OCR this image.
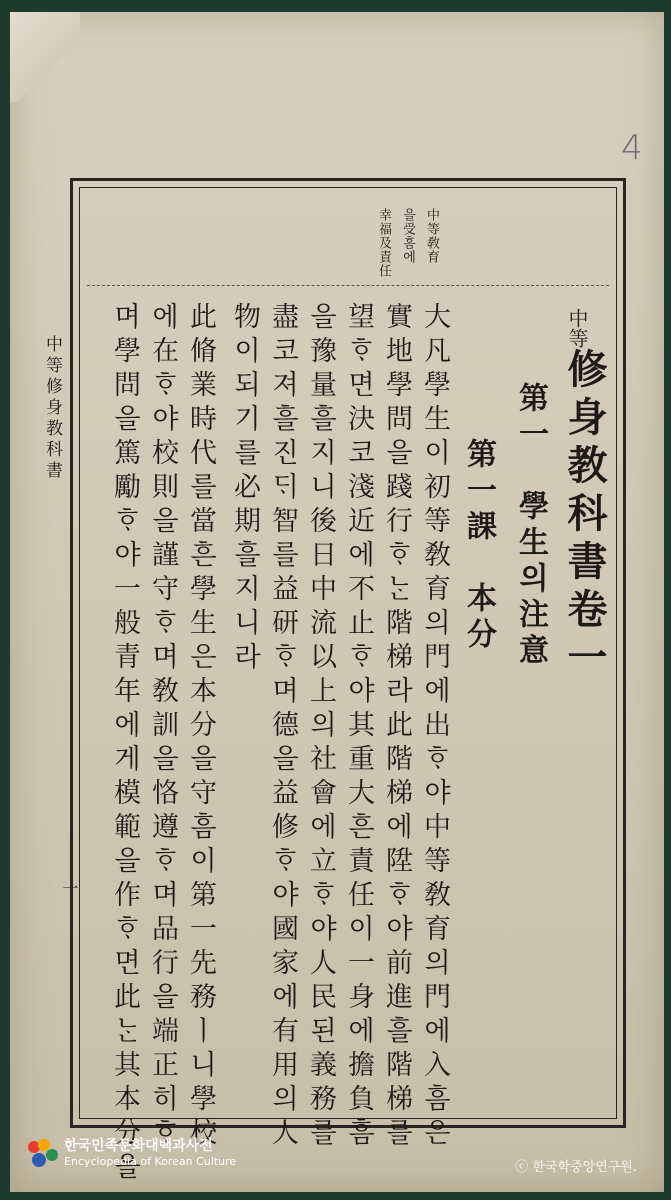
4
中等修身教科書
一
中等敎育
을受흠에
幸福及責任
中等
修身教科書卷一
第一　學生의注意
第一課　本分
大凡學生이初等敎育의門에出ᄒᆞ야中等敎育의門에入흠은
實地學問을踐行ᄒᆞᄂᆞᆫ階梯라此階梯에陞ᄒᆞ야前進흘階梯를
望ᄒᆞ면決코淺近에不止ᄒᆞ야其重大흔責任이一身에擔負흠
을豫量흘지니後日中流以上의社會에立ᄒᆞ야人民된義務를
盡코져흘진ᄃᆡ智를益研ᄒᆞ며德을益修ᄒᆞ야國家에有用의人
物이되기를必期흘지니라
此脩業時代를當흔學生은本分을守흠이第一先務ㅣ니學校
에在ᄒᆞ야校則을謹守ᄒᆞ며敎訓을恪遵ᄒᆞ며品行을端正히ᄒᆞ
며學問을篤勵ᄒᆞ야一般青年에게模範을作ᄒᆞ면此ᄂᆞᆫ其本分을
한국민족문화대백과사전
Encyclopedia of Korean Culture	ⓒ 한국학중앙연구원.
